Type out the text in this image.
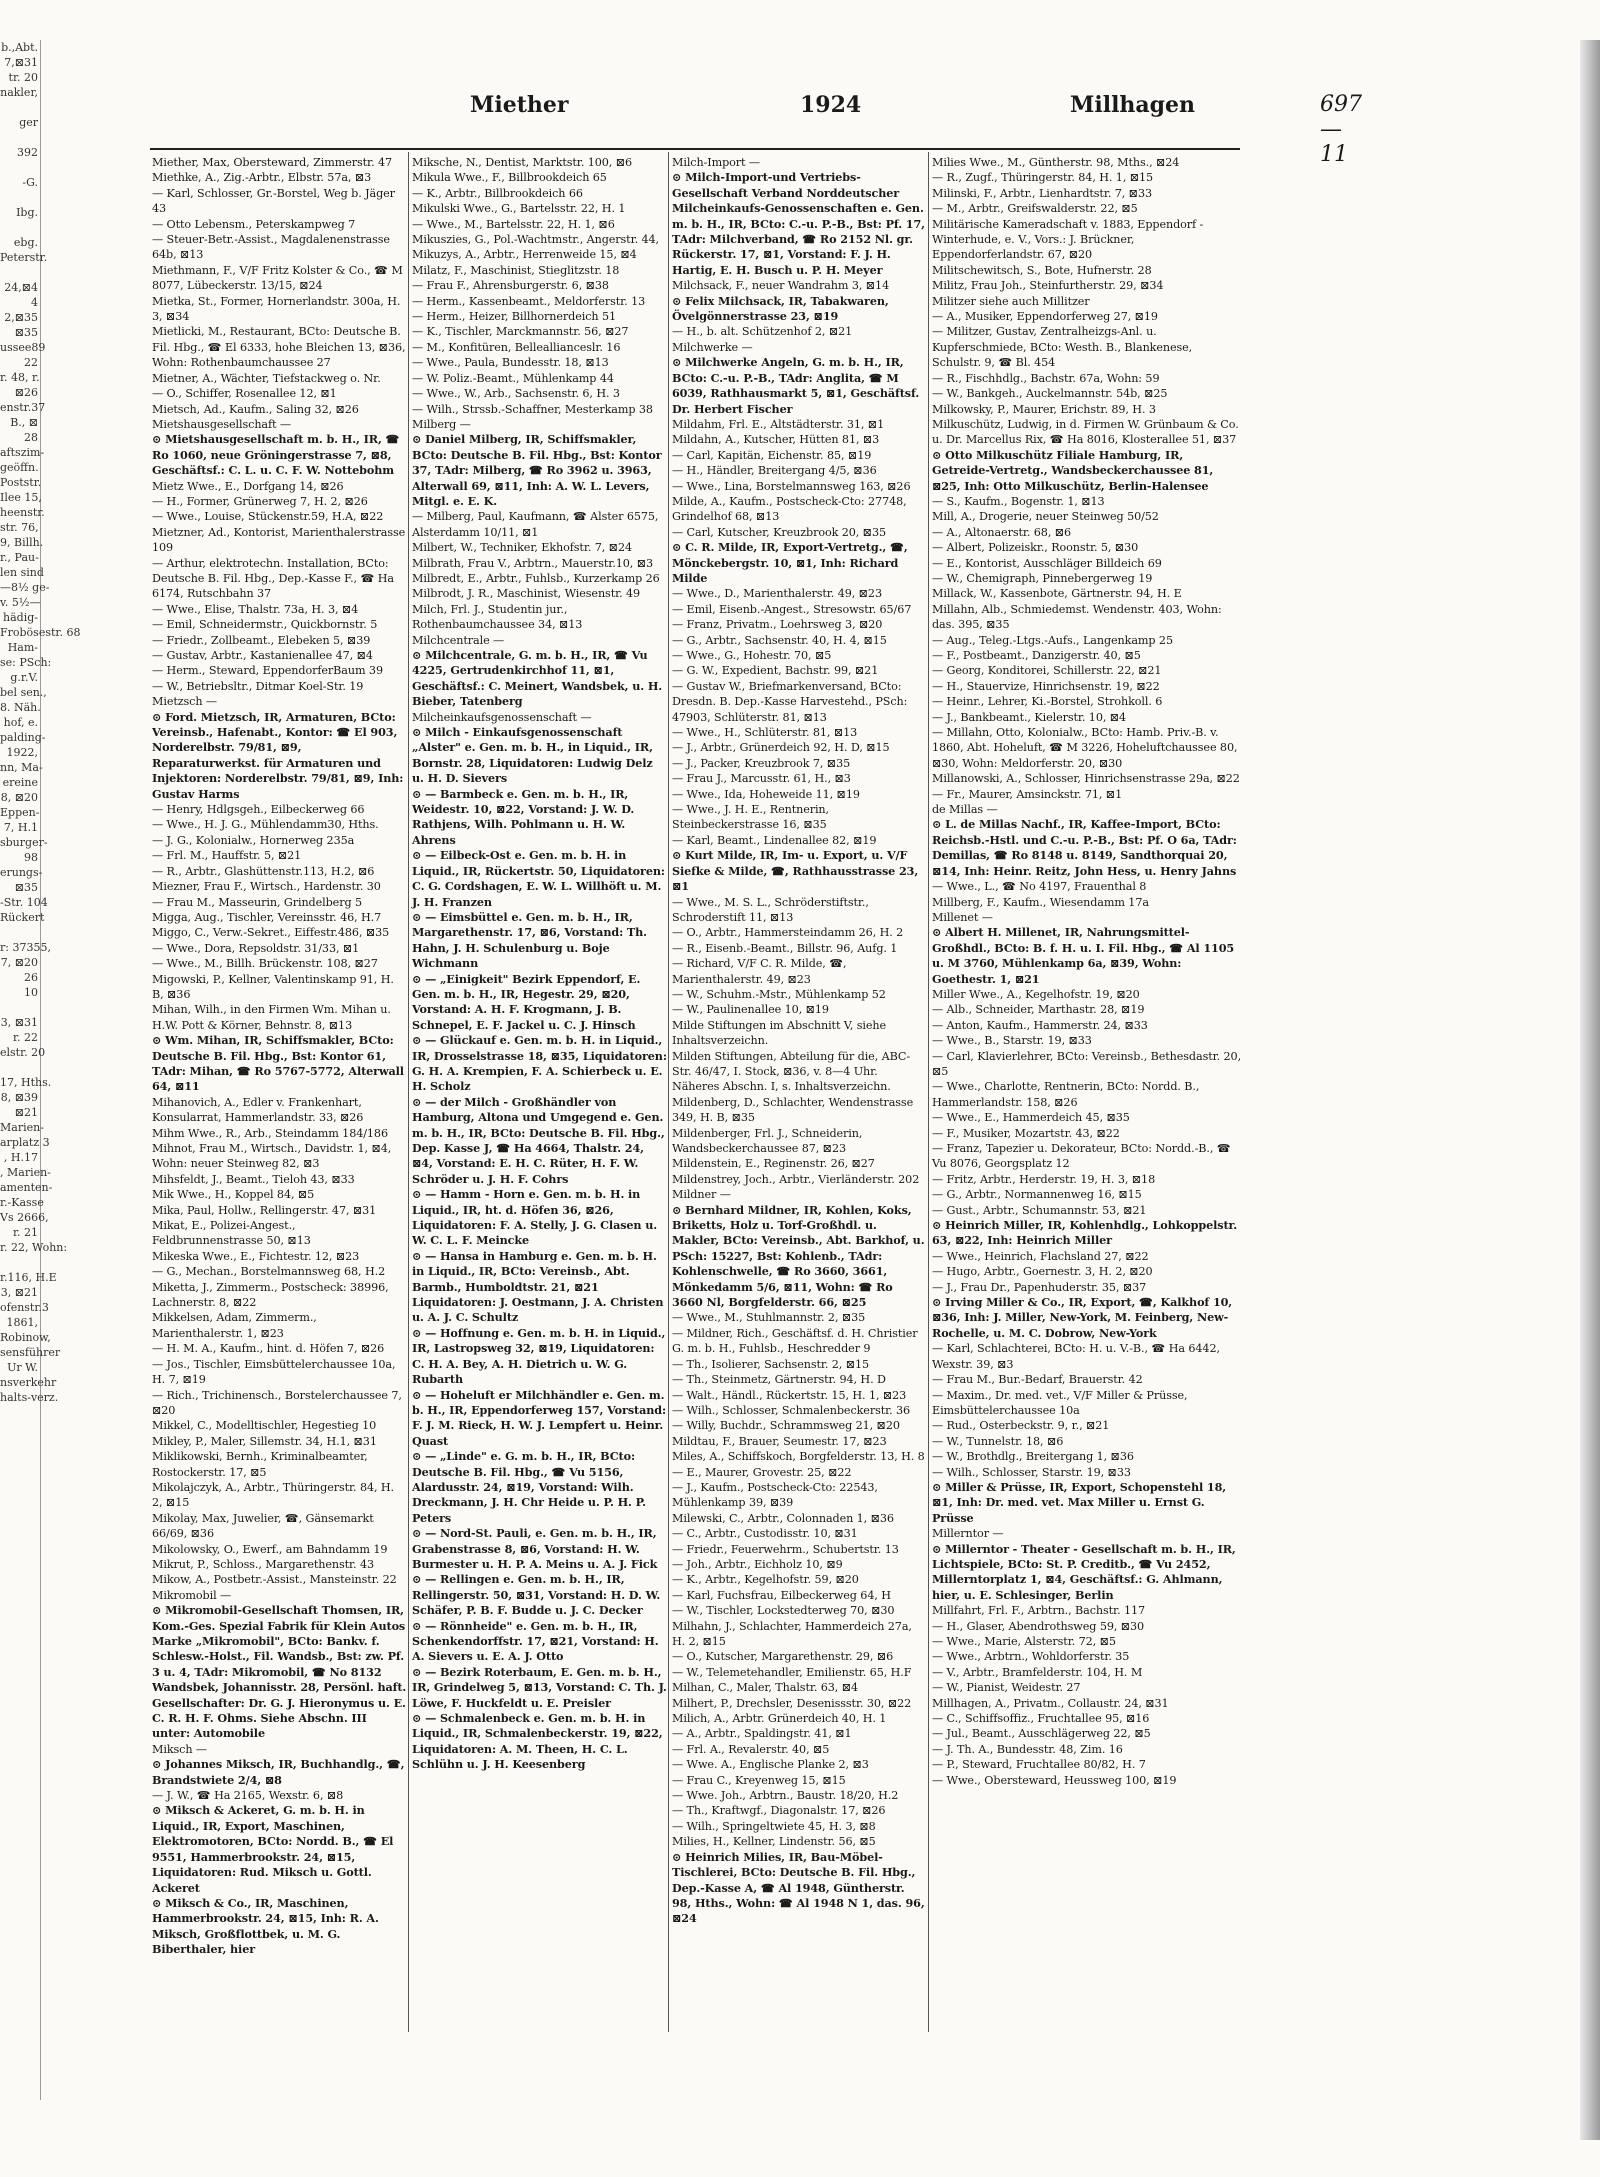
b.,Abt.
7,⊠31
tr. 20
nakler,

ger

392

-G.

Ibg.

ebg.
Peterstr.

24,⊠4
4
2,⊠35
⊠35
ussee89
22
r. 48, r.
⊠26
enstr.37
B., ⊠
28
aftszim-
geöffn.
Poststr.
Ilee 15,
heenstr.
str. 76,
9, Billh.
r., Pau-
len sind
—8½ ge-
v. 5½—
hädig-
Frobösestr. 68
Ham-
se: PSch:
g.r.V.
bel sen.,
8. Näh.
hof, e.
palding-
1922,
nn, Ma-
ereine
8, ⊠20
Eppen-
7, H.1
sburger-
98
erungs-
⊠35
-Str. 104
Rückert

r: 37355,
7, ⊠20
26
10

3, ⊠31
r. 22
elstr. 20

17, Hths.
8, ⊠39
⊠21
Marien-
arplatz 3
, H.17
, Marien-
amenten-
r.-Kasse
Vs 2666,
r. 21
r. 22, Wohn:

r.116, H.E
3, ⊠21
ofenstr.3
1861,
Robinow,
sensführer
Ur W.
nsverkehr
halts-verz.
Miether	1924	Millhagen	697—11
Miether, Max, Obersteward, Zimmerstr. 47
Miethke, A., Zig.-Arbtr., Elbstr. 57a, ⊠3
— Karl, Schlosser, Gr.-Borstel, Weg b. Jäger 43
— Otto Lebensm., Peterskampweg 7
— Steuer-Betr.-Assist., Magdalenenstrasse 64b, ⊠13
Miethmann, F., V/F Fritz Kolster & Co., ☎ M 8077, Lübeckerstr. 13/15, ⊠24
Mietka, St., Former, Hornerlandstr. 300a, H. 3, ⊠34
Mietlicki, M., Restaurant, BCto: Deutsche B. Fil. Hbg., ☎ El 6333, hohe Bleichen 13, ⊠36, Wohn: Rothenbaumchaussee 27
Mietner, A., Wächter, Tiefstackweg o. Nr.
— O., Schiffer, Rosenallee 12, ⊠1
Mietsch, Ad., Kaufm., Saling 32, ⊠26
Mietshausgesellschaft —
⊙ Mietshausgesellschaft m. b. H., IR, ☎ Ro 1060, neue Gröningerstrasse 7, ⊠8, Geschäftsf.: C. L. u. C. F. W. Nottebohm
Mietz Wwe., E., Dorfgang 14, ⊠26
— H., Former, Grünerweg 7, H. 2, ⊠26
— Wwe., Louise, Stückenstr.59, H.A, ⊠22
Mietzner, Ad., Kontorist, Marienthalerstrasse 109
— Arthur, elektrotechn. Installation, BCto: Deutsche B. Fil. Hbg., Dep.-Kasse F., ☎ Ha 6174, Rutschbahn 37
— Wwe., Elise, Thalstr. 73a, H. 3, ⊠4
— Emil, Schneidermstr., Quickbornstr. 5
— Friedr., Zollbeamt., Elebeken 5, ⊠39
— Gustav, Arbtr., Kastanienallee 47, ⊠4
— Herm., Steward, EppendorferBaum 39
— W., Betriebsltr., Ditmar Koel-Str. 19
Mietzsch —
⊙ Ford. Mietzsch, IR, Armaturen, BCto: Vereinsb., Hafenabt., Kontor: ☎ El 903, Norderelbstr. 79/81, ⊠9, Reparaturwerkst. für Armaturen und Injektoren: Norderelbstr. 79/81, ⊠9, Inh: Gustav Harms
— Henry, Hdlgsgeh., Eilbeckerweg 66
— Wwe., H. J. G., Mühlendamm30, Hths.
— J. G., Kolonialw., Hornerweg 235a
— Frl. M., Hauffstr. 5, ⊠21
— R., Arbtr., Glashüttenstr.113, H.2, ⊠6
Miezner, Frau F., Wirtsch., Hardenstr. 30
— Frau M., Masseurin, Grindelberg 5
Migga, Aug., Tischler, Vereinsstr. 46, H.7
Miggo, C., Verw.-Sekret., Eiffestr.486, ⊠35
— Wwe., Dora, Repsoldstr. 31/33, ⊠1
— Wwe., M., Billh. Brückenstr. 108, ⊠27
Migowski, P., Kellner, Valentinskamp 91, H. B, ⊠36
Mihan, Wilh., in den Firmen Wm. Mihan u. H.W. Pott & Körner, Behnstr. 8, ⊠13
⊙ Wm. Mihan, IR, Schiffsmakler, BCto: Deutsche B. Fil. Hbg., Bst: Kontor 61, TAdr: Mihan, ☎ Ro 5767-5772, Alterwall 64, ⊠11
Mihanovich, A., Edler v. Frankenhart, Konsularrat, Hammerlandstr. 33, ⊠26
Mihm Wwe., R., Arb., Steindamm 184/186
Mihnot, Frau M., Wirtsch., Davidstr. 1, ⊠4, Wohn: neuer Steinweg 82, ⊠3
Mihsfeldt, J., Beamt., Tieloh 43, ⊠33
Mik Wwe., H., Koppel 84, ⊠5
Mika, Paul, Hollw., Rellingerstr. 47, ⊠31
Mikat, E., Polizei-Angest., Feldbrunnenstrasse 50, ⊠13
Mikeska Wwe., E., Fichtestr. 12, ⊠23
— G., Mechan., Borstelmannsweg 68, H.2
Miketta, J., Zimmerm., Postscheck: 38996, Lachnerstr. 8, ⊠22
Mikkelsen, Adam, Zimmerm., Marienthalerstr. 1, ⊠23
— H. M. A., Kaufm., hint. d. Höfen 7, ⊠26
— Jos., Tischler, Eimsbüttelerchaussee 10a, H. 7, ⊠19
— Rich., Trichinensch., Borstelerchaussee 7, ⊠20
Mikkel, C., Modelltischler, Hegestieg 10
Mikley, P., Maler, Sillemstr. 34, H.1, ⊠31
Miklikowski, Bernh., Kriminalbeamter, Rostockerstr. 17, ⊠5
Mikolajczyk, A., Arbtr., Thüringerstr. 84, H. 2, ⊠15
Mikolay, Max, Juwelier, ☎, Gänsemarkt 66/69, ⊠36
Mikolowsky, O., Ewerf., am Bahndamm 19
Mikrut, P., Schloss., Margarethenstr. 43
Mikow, A., Postbetr.-Assist., Mansteinstr. 22
Mikromobil —
⊙ Mikromobil-Gesellschaft Thomsen, IR, Kom.-Ges. Spezial Fabrik für Klein Autos Marke „Mikromobil", BCto: Bankv. f. Schlesw.-Holst., Fil. Wandsb., Bst: zw. Pf. 3 u. 4, TAdr: Mikromobil, ☎ No 8132 Wandsbek, Johannisstr. 28, Persönl. haft. Gesellschafter: Dr. G. J. Hieronymus u. E. C. R. H. F. Ohms. Siehe Abschn. III unter: Automobile
Miksch —
⊙ Johannes Miksch, IR, Buchhandlg., ☎, Brandstwiete 2/4, ⊠8
— J. W., ☎ Ha 2165, Wexstr. 6, ⊠8
⊙ Miksch & Ackeret, G. m. b. H. in Liquid., IR, Export, Maschinen, Elektromotoren, BCto: Nordd. B., ☎ El 9551, Hammerbrookstr. 24, ⊠15, Liquidatoren: Rud. Miksch u. Gottl. Ackeret
⊙ Miksch & Co., IR, Maschinen, Hammerbrookstr. 24, ⊠15, Inh: R. A. Miksch, Großflottbek, u. M. G. Biberthaler, hier
Miksche, N., Dentist, Marktstr. 100, ⊠6
Mikula Wwe., F., Billbrookdeich 65
— K., Arbtr., Billbrookdeich 66
Mikulski Wwe., G., Bartelsstr. 22, H. 1
— Wwe., M., Bartelsstr. 22, H. 1, ⊠6
Mikuszies, G., Pol.-Wachtmstr., Angerstr. 44,
Mikuzys, A., Arbtr., Herrenweide 15, ⊠4
Milatz, F., Maschinist, Stieglitzstr. 18
— Frau F., Ahrensburgerstr. 6, ⊠38
— Herm., Kassenbeamt., Meldorferstr. 13
— Herm., Heizer, Billhornerdeich 51
— K., Tischler, Marckmannstr. 56, ⊠27
— M., Konfitüren, Belleallianceslr. 16
— Wwe., Paula, Bundesstr. 18, ⊠13
— W. Poliz.-Beamt., Mühlenkamp 44
— Wwe., W., Arb., Sachsenstr. 6, H. 3
— Wilh., Strssb.-Schaffner, Mesterkamp 38
Milberg —
⊙ Daniel Milberg, IR, Schiffsmakler, BCto: Deutsche B. Fil. Hbg., Bst: Kontor 37, TAdr: Milberg, ☎ Ro 3962 u. 3963, Alterwall 69, ⊠11, Inh: A. W. L. Levers, Mitgl. e. E. K.
— Milberg, Paul, Kaufmann, ☎ Alster 6575, Alsterdamm 10/11, ⊠1
Milbert, W., Techniker, Ekhofstr. 7, ⊠24
Milbrath, Frau V., Arbtrn., Mauerstr.10, ⊠3
Milbredt, E., Arbtr., Fuhlsb., Kurzerkamp 26
Milbrodt, J. R., Maschinist, Wiesenstr. 49
Milch, Frl. J., Studentin jur., Rothenbaumchaussee 34, ⊠13
Milchcentrale —
⊙ Milchcentrale, G. m. b. H., IR, ☎ Vu 4225, Gertrudenkirchhof 11, ⊠1, Geschäftsf.: C. Meinert, Wandsbek, u. H. Bieber, Tatenberg
Milcheinkaufsgenossenschaft —
⊙ Milch - Einkaufsgenossenschaft „Alster" e. Gen. m. b. H., in Liquid., IR, Bornstr. 28, Liquidatoren: Ludwig Delz u. H. D. Sievers
⊙ — Barmbeck e. Gen. m. b. H., IR, Weidestr. 10, ⊠22, Vorstand: J. W. D. Rathjens, Wilh. Pohlmann u. H. W. Ahrens
⊙ — Eilbeck-Ost e. Gen. m. b. H. in Liquid., IR, Rückertstr. 50, Liquidatoren: C. G. Cordshagen, E. W. L. Willhöft u. M. J. H. Franzen
⊙ — Eimsbüttel e. Gen. m. b. H., IR, Margarethenstr. 17, ⊠6, Vorstand: Th. Hahn, J. H. Schulenburg u. Boje Wichmann
⊙ — „Einigkeit" Bezirk Eppendorf, E. Gen. m. b. H., IR, Hegestr. 29, ⊠20, Vorstand: A. H. F. Krogmann, J. B. Schnepel, E. F. Jackel u. C. J. Hinsch
⊙ — Glückauf e. Gen. m. b. H. in Liquid., IR, Drosselstrasse 18, ⊠35, Liquidatoren: G. H. A. Krempien, F. A. Schierbeck u. E. H. Scholz
⊙ — der Milch - Großhändler von Hamburg, Altona und Umgegend e. Gen. m. b. H., IR, BCto: Deutsche B. Fil. Hbg., Dep. Kasse J, ☎ Ha 4664, Thalstr. 24, ⊠4, Vorstand: E. H. C. Rüter, H. F. W. Schröder u. J. H. F. Cohrs
⊙ — Hamm - Horn e. Gen. m. b. H. in Liquid., IR, ht. d. Höfen 36, ⊠26, Liquidatoren: F. A. Stelly, J. G. Clasen u. W. C. L. F. Meincke
⊙ — Hansa in Hamburg e. Gen. m. b. H. in Liquid., IR, BCto: Vereinsb., Abt. Barmb., Humboldtstr. 21, ⊠21 Liquidatoren: J. Oestmann, J. A. Christen u. A. J. C. Schultz
⊙ — Hoffnung e. Gen. m. b. H. in Liquid., IR, Lastropsweg 32, ⊠19, Liquidatoren: C. H. A. Bey, A. H. Dietrich u. W. G. Rubarth
⊙ — Hoheluft er Milchhändler e. Gen. m. b. H., IR, Eppendorferweg 157, Vorstand: F. J. M. Rieck, H. W. J. Lempfert u. Heinr. Quast
⊙ — „Linde" e. G. m. b. H., IR, BCto: Deutsche B. Fil. Hbg., ☎ Vu 5156, Alardusstr. 24, ⊠19, Vorstand: Wilh. Dreckmann, J. H. Chr Heide u. P. H. P. Peters
⊙ — Nord-St. Pauli, e. Gen. m. b. H., IR, Grabenstrasse 8, ⊠6, Vorstand: H. W. Burmester u. H. P. A. Meins u. A. J. Fick
⊙ — Rellingen e. Gen. m. b. H., IR, Rellingerstr. 50, ⊠31, Vorstand: H. D. W. Schäfer, P. B. F. Budde u. J. C. Decker
⊙ — Rönnheide" e. Gen. m. b. H., IR, Schenkendorffstr. 17, ⊠21, Vorstand: H. A. Sievers u. E. A. J. Otto
⊙ — Bezirk Roterbaum, E. Gen. m. b. H., IR, Grindelweg 5, ⊠13, Vorstand: C. Th. J. Löwe, F. Huckfeldt u. E. Preisler
⊙ — Schmalenbeck e. Gen. m. b. H. in Liquid., IR, Schmalenbeckerstr. 19, ⊠22, Liquidatoren: A. M. Theen, H. C. L. Schlühn u. J. H. Keesenberg
Milch-Import —
⊙ Milch-Import-und Vertriebs-Gesellschaft Verband Norddeutscher Milcheinkaufs-Genossenschaften e. Gen. m. b. H., IR, BCto: C.-u. P.-B., Bst: Pf. 17, TAdr: Milchverband, ☎ Ro 2152 Nl. gr. Rückerstr. 17, ⊠1, Vorstand: F. J. H. Hartig, E. H. Busch u. P. H. Meyer
Milchsack, F., neuer Wandrahm 3, ⊠14
⊙ Felix Milchsack, IR, Tabakwaren, Övelgönnerstrasse 23, ⊠19
— H., b. alt. Schützenhof 2, ⊠21
Milchwerke —
⊙ Milchwerke Angeln, G. m. b. H., IR, BCto: C.-u. P.-B., TAdr: Anglita, ☎ M 6039, Rathhausmarkt 5, ⊠1, Geschäftsf. Dr. Herbert Fischer
Mildahm, Frl. E., Altstädterstr. 31, ⊠1
Mildahn, A., Kutscher, Hütten 81, ⊠3
— Carl, Kapitän, Eichenstr. 85, ⊠19
— H., Händler, Breitergang 4/5, ⊠36
— Wwe., Lina, Borstelmannsweg 163, ⊠26
Milde, A., Kaufm., Postscheck-Cto: 27748, Grindelhof 68, ⊠13
— Carl, Kutscher, Kreuzbrook 20, ⊠35
⊙ C. R. Milde, IR, Export-Vertretg., ☎, Mönckebergstr. 10, ⊠1, Inh: Richard Milde
— Wwe., D., Marienthalerstr. 49, ⊠23
— Emil, Eisenb.-Angest., Stresowstr. 65/67
— Franz, Privatm., Loehrsweg 3, ⊠20
— G., Arbtr., Sachsenstr. 40, H. 4, ⊠15
— Wwe., G., Hohestr. 70, ⊠5
— G. W., Expedient, Bachstr. 99, ⊠21
— Gustav W., Briefmarkenversand, BCto: Dresdn. B. Dep.-Kasse Harvestehd., PSch: 47903, Schlüterstr. 81, ⊠13
— Wwe., H., Schlüterstr. 81, ⊠13
— J., Arbtr., Grünerdeich 92, H. D, ⊠15
— J., Packer, Kreuzbrook 7, ⊠35
— Frau J., Marcusstr. 61, H., ⊠3
— Wwe., Ida, Hoheweide 11, ⊠19
— Wwe., J. H. E., Rentnerin, Steinbeckerstrasse 16, ⊠35
— Karl, Beamt., Lindenallee 82, ⊠19
⊙ Kurt Milde, IR, Im- u. Export, u. V/F Siefke & Milde, ☎, Rathhausstrasse 23, ⊠1
— Wwe., M. S. L., Schröderstiftstr., Schroderstift 11, ⊠13
— O., Arbtr., Hammersteindamm 26, H. 2
— R., Eisenb.-Beamt., Billstr. 96, Aufg. 1
— Richard, V/F C. R. Milde, ☎, Marienthalerstr. 49, ⊠23
— W., Schuhm.-Mstr., Mühlenkamp 52
— W., Paulinenallee 10, ⊠19
Milde Stiftungen im Abschnitt V, siehe Inhaltsverzeichn.
Milden Stiftungen, Abteilung für die, ABC-Str. 46/47, I. Stock, ⊠36, v. 8—4 Uhr. Näheres Abschn. I, s. Inhaltsverzeichn.
Mildenberg, D., Schlachter, Wendenstrasse 349, H. B, ⊠35
Mildenberger, Frl. J., Schneiderin, Wandsbeckerchaussee 87, ⊠23
Mildenstein, E., Reginenstr. 26, ⊠27
Mildenstrey, Joch., Arbtr., Vierländerstr. 202
Mildner —
⊙ Bernhard Mildner, IR, Kohlen, Koks, Briketts, Holz u. Torf-Großhdl. u. Makler, BCto: Vereinsb., Abt. Barkhof, u. PSch: 15227, Bst: Kohlenb., TAdr: Kohlenschwelle, ☎ Ro 3660, 3661, Mönkedamm 5/6, ⊠11, Wohn: ☎ Ro 3660 Nl, Borgfelderstr. 66, ⊠25
— Wwe., M., Stuhlmannstr. 2, ⊠35
— Mildner, Rich., Geschäftsf. d. H. Christier G. m. b. H., Fuhlsb., Heschredder 9
— Th., Isolierer, Sachsenstr. 2, ⊠15
— Th., Steinmetz, Gärtnerstr. 94, H. D
— Walt., Händl., Rückertstr. 15, H. 1, ⊠23
— Wilh., Schlosser, Schmalenbeckerstr. 36
— Willy, Buchdr., Schrammsweg 21, ⊠20
Mildtau, F., Brauer, Seumestr. 17, ⊠23
Miles, A., Schiffskoch, Borgfelderstr. 13, H. 8
— E., Maurer, Grovestr. 25, ⊠22
— J., Kaufm., Postscheck-Cto: 22543, Mühlenkamp 39, ⊠39
Milewski, C., Arbtr., Colonnaden 1, ⊠36
— C., Arbtr., Custodisstr. 10, ⊠31
— Friedr., Feuerwehrm., Schubertstr. 13
— Joh., Arbtr., Eichholz 10, ⊠9
— K., Arbtr., Kegelhofstr. 59, ⊠20
— Karl, Fuchsfrau, Eilbeckerweg 64, H
— W., Tischler, Lockstedterweg 70, ⊠30
Milhahn, J., Schlachter, Hammerdeich 27a, H. 2, ⊠15
— O., Kutscher, Margarethenstr. 29, ⊠6
— W., Telemetehandler, Emilienstr. 65, H.F
Milhan, C., Maler, Thalstr. 63, ⊠4
Milhert, P., Drechsler, Desenissstr. 30, ⊠22
Milich, A., Arbtr. Grünerdeich 40, H. 1
— A., Arbtr., Spaldingstr. 41, ⊠1
— Frl. A., Revalerstr. 40, ⊠5
— Wwe. A., Englische Planke 2, ⊠3
— Frau C., Kreyenweg 15, ⊠15
— Wwe. Joh., Arbtrn., Baustr. 18/20, H.2
— Th., Kraftwgf., Diagonalstr. 17, ⊠26
— Wilh., Springeltwiete 45, H. 3, ⊠8
Milies, H., Kellner, Lindenstr. 56, ⊠5
⊙ Heinrich Milies, IR, Bau-Möbel-Tischlerei, BCto: Deutsche B. Fil. Hbg., Dep.-Kasse A, ☎ Al 1948, Güntherstr. 98, Hths., Wohn: ☎ Al 1948 N 1, das. 96, ⊠24
Milies Wwe., M., Güntherstr. 98, Mths., ⊠24
— R., Zugf., Thüringerstr. 84, H. 1, ⊠15
Milinski, F., Arbtr., Lienhardtstr. 7, ⊠33
— M., Arbtr., Greifswalderstr. 22, ⊠5
Militärische Kameradschaft v. 1883, Eppendorf - Winterhude, e. V., Vors.: J. Brückner, Eppendorferlandstr. 67, ⊠20
Militschewitsch, S., Bote, Hufnerstr. 28
Militz, Frau Joh., Steinfurtherstr. 29, ⊠34
Militzer siehe auch Millitzer
— A., Musiker, Eppendorferweg 27, ⊠19
— Militzer, Gustav, Zentralheizgs-Anl. u. Kupferschmiede, BCto: Westh. B., Blankenese, Schulstr. 9, ☎ Bl. 454
— R., Fischhdlg., Bachstr. 67a, Wohn: 59
— W., Bankgeh., Auckelmannstr. 54b, ⊠25
Milkowsky, P., Maurer, Erichstr. 89, H. 3
Milkuschütz, Ludwig, in d. Firmen W. Grünbaum & Co. u. Dr. Marcellus Rix, ☎ Ha 8016, Klosterallee 51, ⊠37
⊙ Otto Milkuschütz Filiale Hamburg, IR, Getreide-Vertretg., Wandsbeckerchaussee 81, ⊠25, Inh: Otto Milkuschütz, Berlin-Halensee
— S., Kaufm., Bogenstr. 1, ⊠13
Mill, A., Drogerie, neuer Steinweg 50/52
— A., Altonaerstr. 68, ⊠6
— Albert, Polizeiskr., Roonstr. 5, ⊠30
— E., Kontorist, Ausschläger Billdeich 69
— W., Chemigraph, Pinnebergerweg 19
Millack, W., Kassenbote, Gärtnerstr. 94, H. E
Millahn, Alb., Schmiedemst. Wendenstr. 403, Wohn: das. 395, ⊠35
— Aug., Teleg.-Ltgs.-Aufs., Langenkamp 25
— F., Postbeamt., Danzigerstr. 40, ⊠5
— Georg, Konditorei, Schillerstr. 22, ⊠21
— H., Stauervize, Hinrichsenstr. 19, ⊠22
— Heinr., Lehrer, Ki.-Borstel, Strohkoll. 6
— J., Bankbeamt., Kielerstr. 10, ⊠4
— Millahn, Otto, Kolonialw., BCto: Hamb. Priv.-B. v. 1860, Abt. Hoheluft, ☎ M 3226, Hoheluftchaussee 80, ⊠30, Wohn: Meldorferstr. 20, ⊠30
Millanowski, A., Schlosser, Hinrichsenstrasse 29a, ⊠22
— Fr., Maurer, Amsinckstr. 71, ⊠1
de Millas —
⊙ L. de Millas Nachf., IR, Kaffee-Import, BCto: Reichsb.-Hstl. und C.-u. P.-B., Bst: Pf. O 6a, TAdr: Demillas, ☎ Ro 8148 u. 8149, Sandthorquai 20, ⊠14, Inh: Heinr. Reitz, John Hess, u. Henry Jahns
— Wwe., L., ☎ No 4197, Frauenthal 8
Millberg, F., Kaufm., Wiesendamm 17a
Millenet —
⊙ Albert H. Millenet, IR, Nahrungsmittel-Großhdl., BCto: B. f. H. u. I. Fil. Hbg., ☎ Al 1105 u. M 3760, Mühlenkamp 6a, ⊠39, Wohn: Goethestr. 1, ⊠21
Miller Wwe., A., Kegelhofstr. 19, ⊠20
— Alb., Schneider, Marthastr. 28, ⊠19
— Anton, Kaufm., Hammerstr. 24, ⊠33
— Wwe., B., Starstr. 19, ⊠33
— Carl, Klavierlehrer, BCto: Vereinsb., Bethesdastr. 20, ⊠5
— Wwe., Charlotte, Rentnerin, BCto: Nordd. B., Hammerlandstr. 158, ⊠26
— Wwe., E., Hammerdeich 45, ⊠35
— F., Musiker, Mozartstr. 43, ⊠22
— Franz, Tapezier u. Dekorateur, BCto: Nordd.-B., ☎ Vu 8076, Georgsplatz 12
— Fritz, Arbtr., Herderstr. 19, H. 3, ⊠18
— G., Arbtr., Normannenweg 16, ⊠15
— Gust., Arbtr., Schumannstr. 53, ⊠21
⊙ Heinrich Miller, IR, Kohlenhdlg., Lohkoppelstr. 63, ⊠22, Inh: Heinrich Miller
— Wwe., Heinrich, Flachsland 27, ⊠22
— Hugo, Arbtr., Goernestr. 3, H. 2, ⊠20
— J., Frau Dr., Papenhuderstr. 35, ⊠37
⊙ Irving Miller & Co., IR, Export, ☎, Kalkhof 10, ⊠36, Inh: J. Miller, New-York, M. Feinberg, New-Rochelle, u. M. C. Dobrow, New-York
— Karl, Schlachterei, BCto: H. u. V.-B., ☎ Ha 6442, Wexstr. 39, ⊠3
— Frau M., Bur.-Bedarf, Brauerstr. 42
— Maxim., Dr. med. vet., V/F Miller & Prüsse, Eimsbüttelerchaussee 10a
— Rud., Osterbeckstr. 9, r., ⊠21
— W., Tunnelstr. 18, ⊠6
— W., Brothdlg., Breitergang 1, ⊠36
— Wilh., Schlosser, Starstr. 19, ⊠33
⊙ Miller & Prüsse, IR, Export, Schopenstehl 18, ⊠1, Inh: Dr. med. vet. Max Miller u. Ernst G. Prüsse
Millerntor —
⊙ Millerntor - Theater - Gesellschaft m. b. H., IR, Lichtspiele, BCto: St. P. Creditb., ☎ Vu 2452, Millerntorplatz 1, ⊠4, Geschäftsf.: G. Ahlmann, hier, u. E. Schlesinger, Berlin
Millfahrt, Frl. F., Arbtrn., Bachstr. 117
— H., Glaser, Abendrothsweg 59, ⊠30
— Wwe., Marie, Alsterstr. 72, ⊠5
— Wwe., Arbtrn., Wohldorferstr. 35
— V., Arbtr., Bramfelderstr. 104, H. M
— W., Pianist, Weidestr. 27
Millhagen, A., Privatm., Collaustr. 24, ⊠31
— C., Schiffsoffiz., Fruchtallee 95, ⊠16
— Jul., Beamt., Ausschlägerweg 22, ⊠5
— J. Th. A., Bundesstr. 48, Zim. 16
— P., Steward, Fruchtallee 80/82, H. 7
— Wwe., Obersteward, Heussweg 100, ⊠19
